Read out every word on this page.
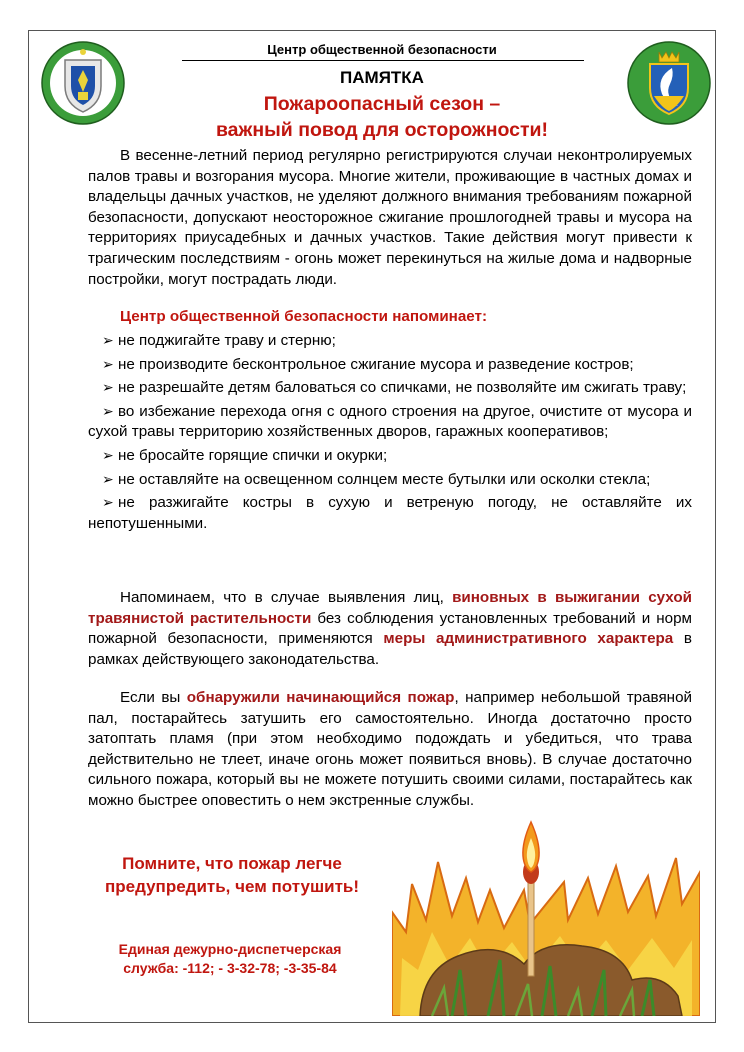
Центр общественной безопасности
ПАМЯТКА
Пожароопасный сезон –
важный повод для осторожности!
В весенне-летний период регулярно регистрируются случаи неконтролируемых палов травы и возгорания мусора. Многие жители, проживающие в частных домах и владельцы дачных участков, не уделяют должного внимания требованиям пожарной безопасности, допускают неосторожное сжигание прошлогодней травы и мусора на территориях приусадебных и дачных участков. Такие действия могут привести к трагическим последствиям - огонь может перекинуться на жилые дома и надворные постройки, могут пострадать люди.
Центр общественной безопасности напоминает:
➢ не поджигайте траву и стерню;
➢ не производите бесконтрольное сжигание мусора и разведение костров;
➢ не разрешайте детям баловаться со спичками, не позволяйте им сжигать траву;
➢ во избежание перехода огня с одного строения на другое, очистите от мусора и сухой травы территорию хозяйственных дворов, гаражных кооперативов;
➢ не бросайте горящие спички и окурки;
➢ не оставляйте на освещенном солнцем месте бутылки или осколки стекла;
➢ не разжигайте костры в сухую и ветреную погоду, не оставляйте их непотушенными.
Напоминаем, что в случае выявления лиц, виновных в выжигании сухой травянистой растительности без соблюдения установленных требований и норм пожарной безопасности, применяются меры административного характера в рамках действующего законодательства.
Если вы обнаружили начинающийся пожар, например небольшой травяной пал, постарайтесь затушить его самостоятельно. Иногда достаточно просто затоптать пламя (при этом необходимо подождать и убедиться, что трава действительно не тлеет, иначе огонь может появиться вновь). В случае достаточно сильного пожара, который вы не можете потушить своими силами, постарайтесь как можно быстрее оповестить о нем экстренные службы.
Помните, что пожар легче
предупредить, чем потушить!
Единая дежурно-диспетчерская
служба: -112; - 3-32-78; -3-35-84
